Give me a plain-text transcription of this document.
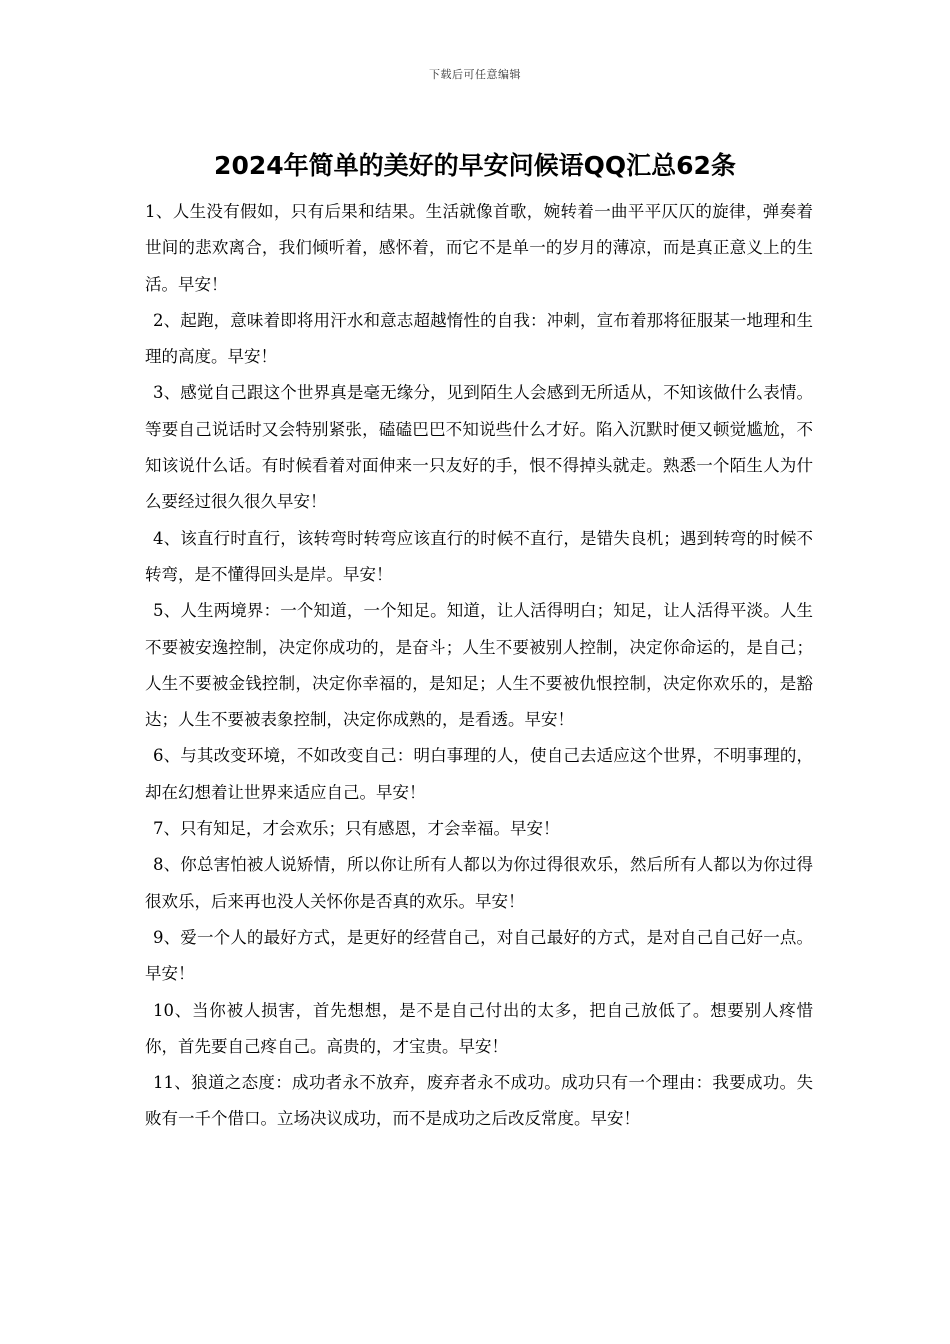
下载后可任意编辑
2024年简单的美好的早安问候语QQ汇总62条

1、人生没有假如，只有后果和结果。生活就像首歌，婉转着一曲平平仄仄的旋律，弹奏着世间的悲欢离合，我们倾听着，感怀着，而它不是单一的岁月的薄凉，而是真正意义上的生活。早安！

2、起跑，意味着即将用汗水和意志超越惰性的自我：冲刺，宣布着那将征服某一地理和生理的高度。早安！

3、感觉自己跟这个世界真是毫无缘分，见到陌生人会感到无所适从，不知该做什么表情。等要自己说话时又会特别紧张，磕磕巴巴不知说些什么才好。陷入沉默时便又顿觉尴尬，不知该说什么话。有时候看着对面伸来一只友好的手，恨不得掉头就走。熟悉一个陌生人为什么要经过很久很久早安！

4、该直行时直行，该转弯时转弯应该直行的时候不直行，是错失良机；遇到转弯的时候不转弯，是不懂得回头是岸。早安！

5、人生两境界：一个知道，一个知足。知道，让人活得明白；知足，让人活得平淡。人生不要被安逸控制，决定你成功的，是奋斗；人生不要被别人控制，决定你命运的，是自己；人生不要被金钱控制，决定你幸福的，是知足；人生不要被仇恨控制，决定你欢乐的，是豁达；人生不要被表象控制，决定你成熟的，是看透。早安！

6、与其改变环境，不如改变自己：明白事理的人，使自己去适应这个世界，不明事理的，却在幻想着让世界来适应自己。早安！

7、只有知足，才会欢乐；只有感恩，才会幸福。早安！

8、你总害怕被人说矫情，所以你让所有人都以为你过得很欢乐，然后所有人都以为你过得很欢乐，后来再也没人关怀你是否真的欢乐。早安！

9、爱一个人的最好方式，是更好的经营自己，对自己最好的方式，是对自己自己好一点。早安！

10、当你被人损害，首先想想，是不是自己付出的太多，把自己放低了。想要别人疼惜你，首先要自己疼自己。高贵的，才宝贵。早安！

11、狼道之态度：成功者永不放弃，废弃者永不成功。成功只有一个理由：我要成功。失败有一千个借口。立场决议成功，而不是成功之后改反常度。早安！
